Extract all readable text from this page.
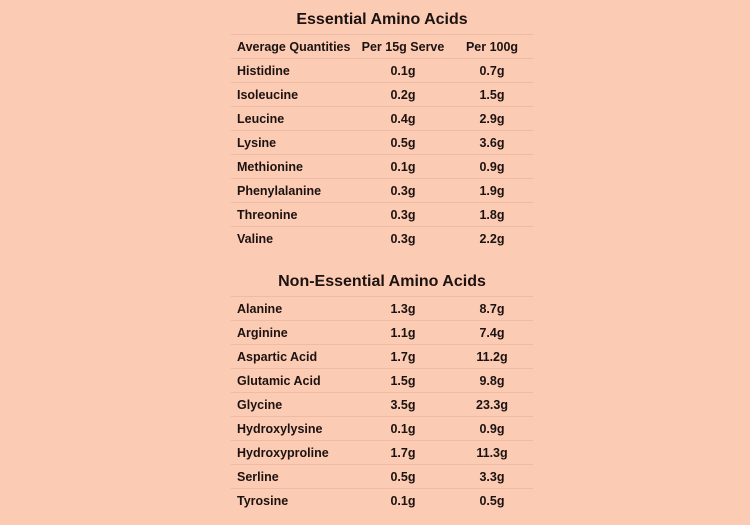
Essential Amino Acids
Average Quantities	Per 15g Serve	Per 100g
Histidine	0.1g	0.7g
Isoleucine	0.2g	1.5g
Leucine	0.4g	2.9g
Lysine	0.5g	3.6g
Methionine	0.1g	0.9g
Phenylalanine	0.3g	1.9g
Threonine	0.3g	1.8g
Valine	0.3g	2.2g
Non-Essential Amino Acids
Alanine	1.3g	8.7g
Arginine	1.1g	7.4g
Aspartic Acid	1.7g	11.2g
Glutamic Acid	1.5g	9.8g
Glycine	3.5g	23.3g
Hydroxylysine	0.1g	0.9g
Hydroxyproline	1.7g	11.3g
Serline	0.5g	3.3g
Tyrosine	0.1g	0.5g
